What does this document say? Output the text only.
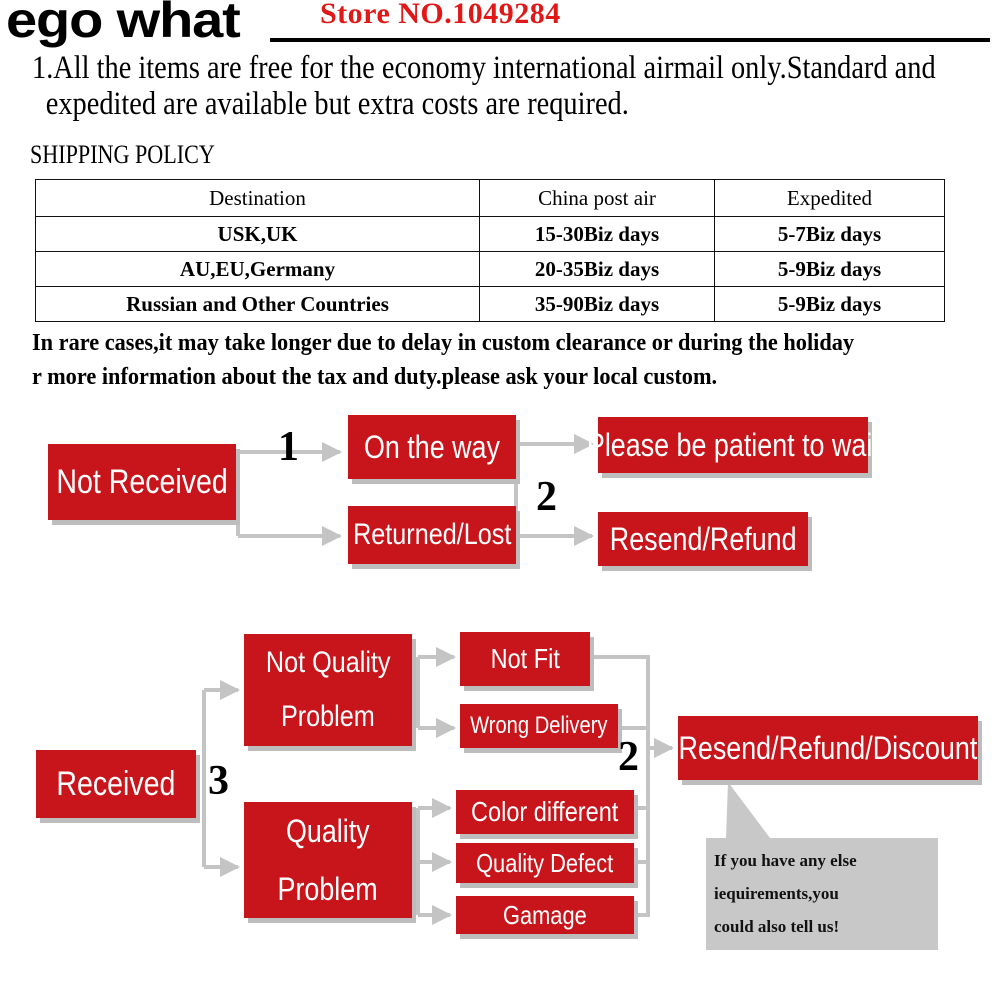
ego what	Store NO.1049284
1.All the items are free for the economy international airmail only.Standard and
expedited are available but extra costs are required.
SHIPPING POLICY
Destination	China post air	Expedited
USK,UK	15-30Biz days	5-7Biz days
AU,EU,Germany	20-35Biz days	5-9Biz days
Russian and Other Countries	35-90Biz days	5-9Biz days
In rare cases,it may take longer due to delay in custom clearance or during the holiday
r more information about the tax and duty.please ask your local custom.
Not Received
On the way
Returned/Lost
Please be patient to wait
Resend/Refund
1
2
Received
Not Quality
Problem
Quality
Problem
Not Fit
Wrong Delivery
Color different
Quality Defect
Gamage
Resend/Refund/Discount
3
2
If you have any else
iequirements,you
could also tell us!
